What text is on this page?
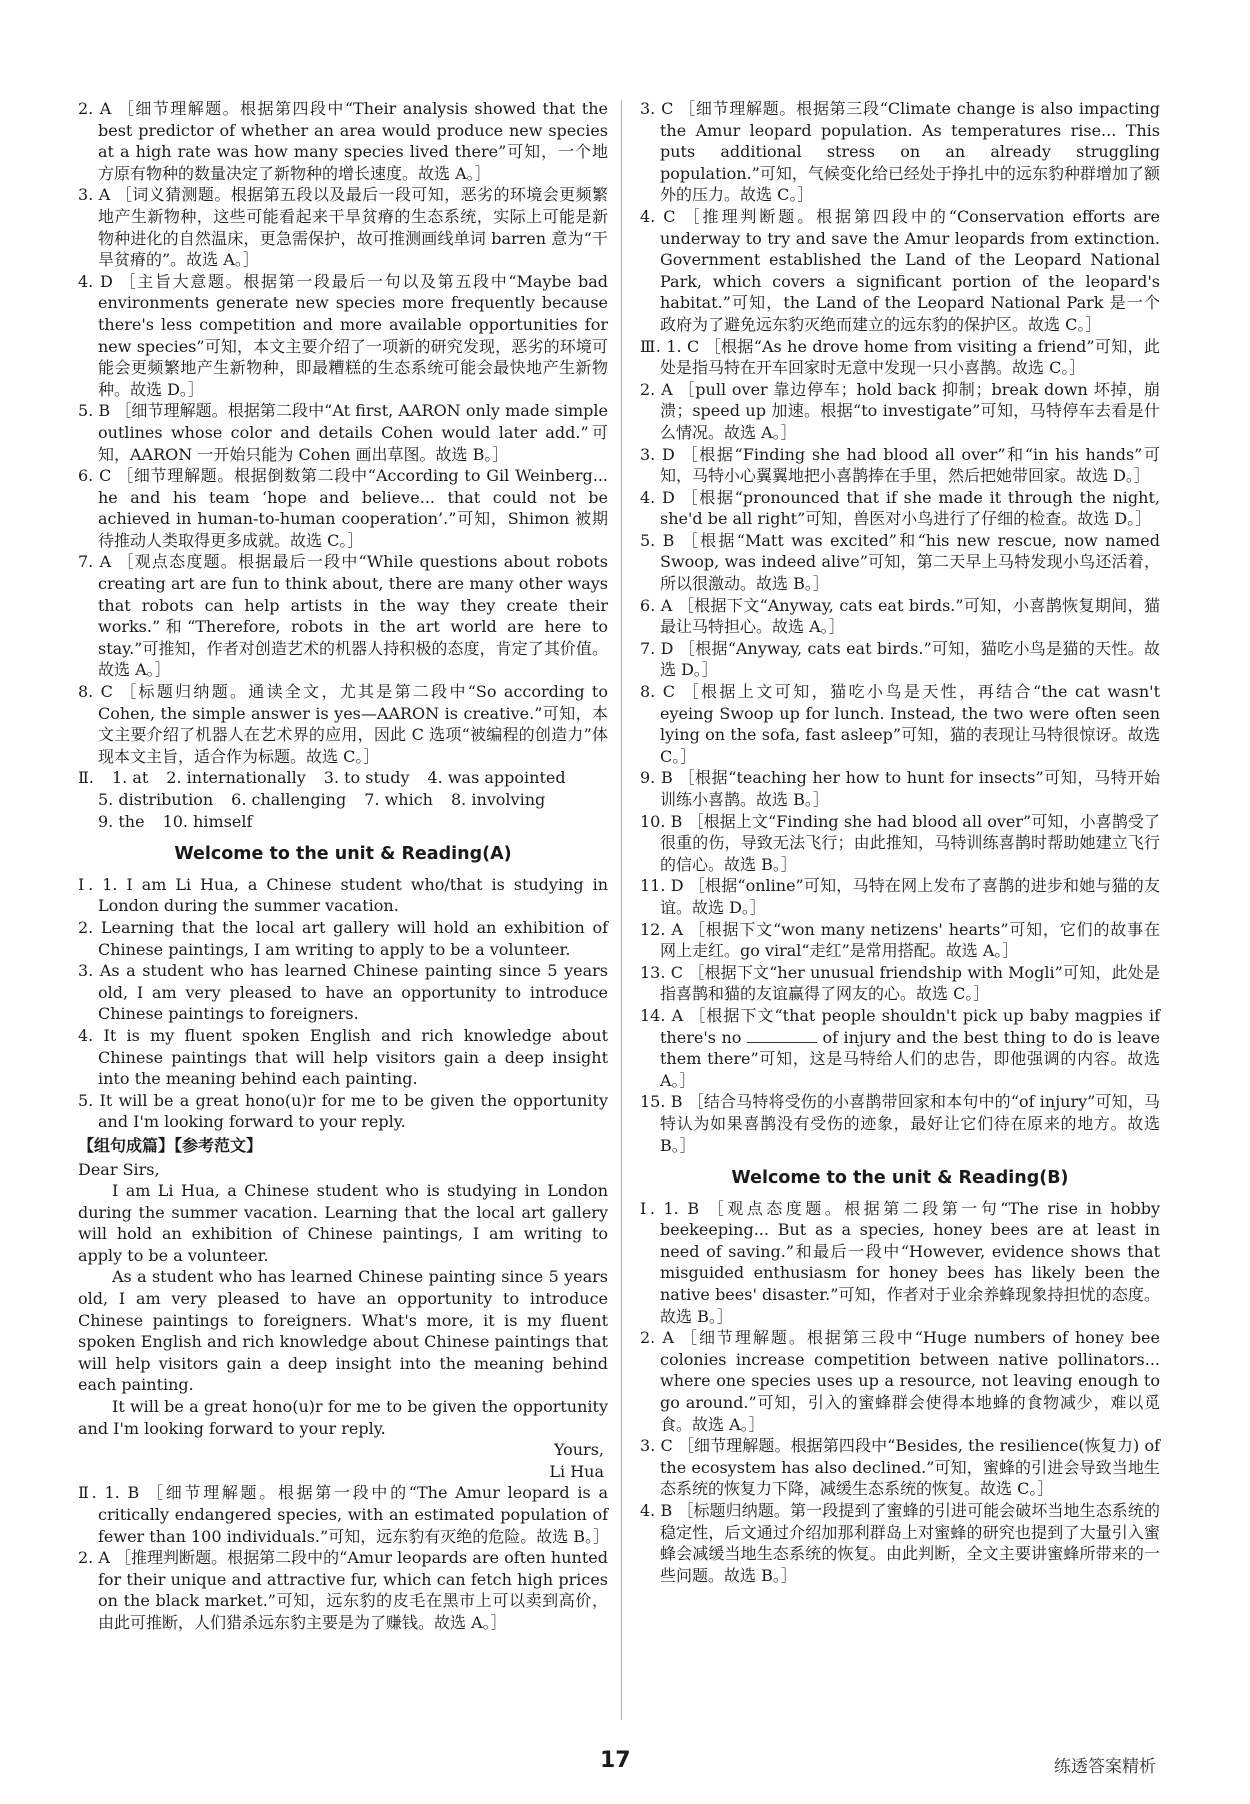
2. A ［细节理解题。根据第四段中“Their analysis showed that the best predictor of whether an area would produce new species at a high rate was how many species lived there”可知，一个地方原有物种的数量决定了新物种的增长速度。故选 A。］

3. A ［词义猜测题。根据第五段以及最后一段可知，恶劣的环境会更频繁地产生新物种，这些可能看起来干旱贫瘠的生态系统，实际上可能是新物种进化的自然温床，更急需保护，故可推测画线单词 barren 意为“干旱贫瘠的”。故选 A。］

4. D ［主旨大意题。根据第一段最后一句以及第五段中“Maybe bad environments generate new species more frequently because there's less competition and more available opportunities for new species”可知，本文主要介绍了一项新的研究发现，恶劣的环境可能会更频繁地产生新物种，即最糟糕的生态系统可能会最快地产生新物种。故选 D。］

5. B ［细节理解题。根据第二段中“At first, AARON only made simple outlines whose color and details Cohen would later add.”可知，AARON 一开始只能为 Cohen 画出草图。故选 B。］

6. C ［细节理解题。根据倒数第二段中“According to Gil Weinberg... he and his team ‘hope and believe... that could not be achieved in human-to-human cooperation’.”可知，Shimon 被期待推动人类取得更多成就。故选 C。］

7. A ［观点态度题。根据最后一段中“While questions about robots creating art are fun to think about, there are many other ways that robots can help artists in the way they create their works.”和“Therefore, robots in the art world are here to stay.”可推知，作者对创造艺术的机器人持积极的态度，肯定了其价值。故选 A。］

8. C ［标题归纳题。通读全文，尤其是第二段中“So according to Cohen, the simple answer is yes—AARON is creative.”可知，本文主要介绍了机器人在艺术界的应用，因此 C 选项“被编程的创造力”体现本文主旨，适合作为标题。故选 C。］

Ⅱ. 1. at 2. internationally 3. to study 4. was appointed
5. distribution 6. challenging 7. which 8. involving
9. the 10. himself
Welcome to the unit & Reading(A)

Ⅰ. 1. I am Li Hua, a Chinese student who/that is studying in London during the summer vacation.

2. Learning that the local art gallery will hold an exhibition of Chinese paintings, I am writing to apply to be a volunteer.

3. As a student who has learned Chinese painting since 5 years old, I am very pleased to have an opportunity to introduce Chinese paintings to foreigners.

4. It is my fluent spoken English and rich knowledge about Chinese paintings that will help visitors gain a deep insight into the meaning behind each painting.

5. It will be a great hono(u)r for me to be given the opportunity and I'm looking forward to your reply.

【组句成篇】【参考范文】

Dear Sirs,

I am Li Hua, a Chinese student who is studying in London during the summer vacation. Learning that the local art gallery will hold an exhibition of Chinese paintings, I am writing to apply to be a volunteer.

As a student who has learned Chinese painting since 5 years old, I am very pleased to have an opportunity to introduce Chinese paintings to foreigners. What's more, it is my fluent spoken English and rich knowledge about Chinese paintings that will help visitors gain a deep insight into the meaning behind each painting.

It will be a great hono(u)r for me to be given the opportunity and I'm looking forward to your reply.

Yours,

Li Hua

Ⅱ. 1. B ［细节理解题。根据第一段中的“The Amur leopard is a critically endangered species, with an estimated population of fewer than 100 individuals.”可知，远东豹有灭绝的危险。故选 B。］

2. A ［推理判断题。根据第二段中的“Amur leopards are often hunted for their unique and attractive fur, which can fetch high prices on the black market.”可知，远东豹的皮毛在黑市上可以卖到高价，由此可推断，人们猎杀远东豹主要是为了赚钱。故选 A。］

3. C ［细节理解题。根据第三段“Climate change is also impacting the Amur leopard population. As temperatures rise... This puts additional stress on an already struggling population.”可知，气候变化给已经处于挣扎中的远东豹种群增加了额外的压力。故选 C。］

4. C ［推理判断题。根据第四段中的“Conservation efforts are underway to try and save the Amur leopards from extinction. Government established the Land of the Leopard National Park, which covers a significant portion of the leopard's habitat.”可知，the Land of the Leopard National Park 是一个政府为了避免远东豹灭绝而建立的远东豹的保护区。故选 C。］

Ⅲ. 1. C ［根据“As he drove home from visiting a friend”可知，此处是指马特在开车回家时无意中发现一只小喜鹊。故选 C。］

2. A ［pull over 靠边停车；hold back 抑制；break down 坏掉，崩溃；speed up 加速。根据“to investigate”可知，马特停车去看是什么情况。故选 A。］

3. D ［根据“Finding she had blood all over”和“in his hands”可知，马特小心翼翼地把小喜鹊捧在手里，然后把她带回家。故选 D。］

4. D ［根据“pronounced that if she made it through the night, she'd be all right”可知，兽医对小鸟进行了仔细的检查。故选 D。］

5. B ［根据“Matt was excited”和“his new rescue, now named Swoop, was indeed alive”可知，第二天早上马特发现小鸟还活着，所以很激动。故选 B。］

6. A ［根据下文“Anyway, cats eat birds.”可知，小喜鹊恢复期间，猫最让马特担心。故选 A。］

7. D ［根据“Anyway, cats eat birds.”可知，猫吃小鸟是猫的天性。故选 D。］

8. C ［根据上文可知，猫吃小鸟是天性，再结合“the cat wasn't eyeing Swoop up for lunch. Instead, the two were often seen lying on the sofa, fast asleep”可知，猫的表现让马特很惊讶。故选 C。］

9. B ［根据“teaching her how to hunt for insects”可知，马特开始训练小喜鹊。故选 B。］

10. B ［根据上文“Finding she had blood all over”可知，小喜鹊受了很重的伤，导致无法飞行；由此推知，马特训练喜鹊时帮助她建立飞行的信心。故选 B。］

11. D ［根据“online”可知，马特在网上发布了喜鹊的进步和她与猫的友谊。故选 D。］

12. A ［根据下文“won many netizens' hearts”可知，它们的故事在网上走红。go viral“走红”是常用搭配。故选 A。］

13. C ［根据下文“her unusual friendship with Mogli”可知，此处是指喜鹊和猫的友谊赢得了网友的心。故选 C。］

14. A ［根据下文“that people shouldn't pick up baby magpies if there's no	of injury and the best thing to do is leave them there”可知，这是马特给人们的忠告，即他强调的内容。故选 A。］

15. B ［结合马特将受伤的小喜鹊带回家和本句中的“of injury”可知，马特认为如果喜鹊没有受伤的迹象，最好让它们待在原来的地方。故选 B。］

Welcome to the unit & Reading(B)

Ⅰ. 1. B ［观点态度题。根据第二段第一句“The rise in hobby beekeeping... But as a species, honey bees are at least in need of saving.”和最后一段中“However, evidence shows that misguided enthusiasm for honey bees has likely been the native bees' disaster.”可知，作者对于业余养蜂现象持担忧的态度。故选 B。］

2. A ［细节理解题。根据第三段中“Huge numbers of honey bee colonies increase competition between native pollinators... where one species uses up a resource, not leaving enough to go around.”可知，引入的蜜蜂群会使得本地蜂的食物减少，难以觅食。故选 A。］

3. C ［细节理解题。根据第四段中“Besides, the resilience(恢复力) of the ecosystem has also declined.”可知，蜜蜂的引进会导致当地生态系统的恢复力下降，减缓生态系统的恢复。故选 C。］

4. B ［标题归纳题。第一段提到了蜜蜂的引进可能会破坏当地生态系统的稳定性，后文通过介绍加那利群岛上对蜜蜂的研究也提到了大量引入蜜蜂会减缓当地生态系统的恢复。由此判断，全文主要讲蜜蜂所带来的一些问题。故选 B。］

17	练透答案精析
